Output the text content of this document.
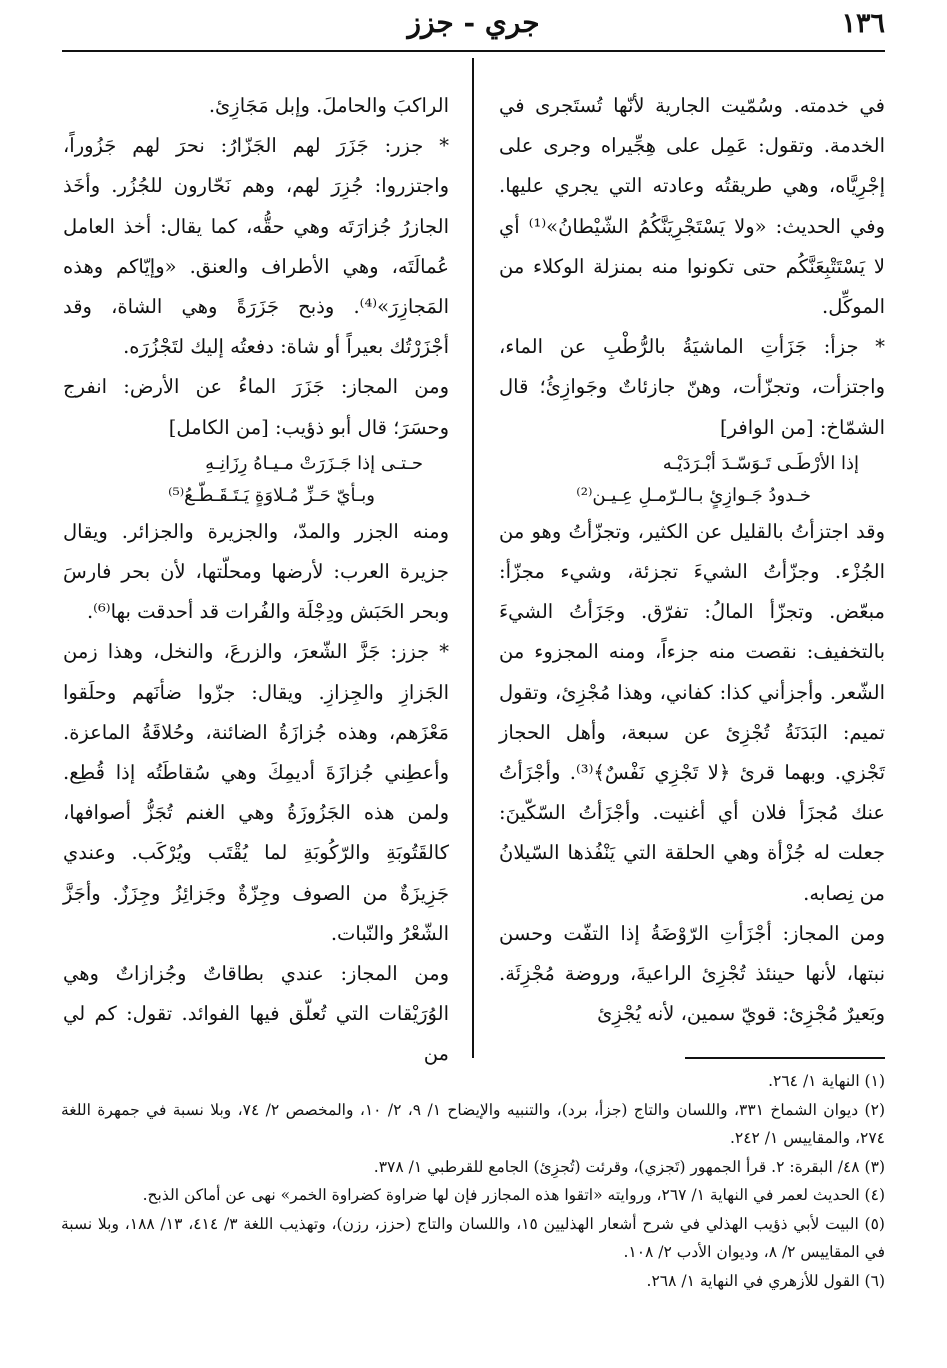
١٣٦
جري - جزز

في خدمته. وسُمّيت الجارية لأنّها تُستَجرى في الخدمة. وتقول: عَمِل على هِجِّيراه وجرى على إجْرِيَّاه، وهي طريقتُه وعادته التي يجري عليها. وفي الحديث: «ولا يَسْتَجْرِيَنَّكُمُ الشّيْطانُ»⁽¹⁾ أي لا يَسْتَتْبِعَنَّكُم حتى تكونوا منه بمنزلة الوكلاء من الموكِّل.

* جزأ: جَزَأتِ الماشيَةُ بالرُّطْبِ عن الماء، واجتزأت، وتجزّأت، وهنّ جازئاتٌ وجَوازِئُ؛ قال الشمّاخ: [من الوافر]

إذا الأرْطَـى تَـوَسّـدَ أبْـرَدَيْـه
خـدودُ جَـوازِئٍ بـالـرّمـلِ عِـيـن⁽²⁾

وقد اجتزأتُ بالقليل عن الكثير، وتجزّأتُ وهو من الجُزْء. وجزّأتُ الشيءَ تجزئة، وشيء مجزّأ: مبعّض. وتجزّأ المالُ: تفرّق. وجَزَأتُ الشيءَ بالتخفيف: نقصت منه جزءاً، ومنه المجزوء من الشّعر. وأجزأني كذا: كفاني، وهذا مُجْزِئ، وتقول تميم: البَدَنَةُ تُجْزِئ عن سبعة، وأهل الحجاز تَجْزي. وبهما قرئ ﴿لا تَجْزِي نَفْسٌ﴾⁽³⁾. وأجْزَأتُ عنك مُجزَأ فلان أي أغنيت. وأجْزَأتُ السّكّينَ: جعلت له جُزْأة وهي الحلقة التي يَنْفُذها السّيلانُ من نِصابه.

ومن المجاز: أجْزَأتِ الرّوْضَةُ إذا التفّت وحسن نبتها، لأنها حينئذ تُجْزِئ الراعيةَ، وروضة مُجْزِئَة. وبَعيرٌ مُجْزِئ: قويّ سمين، لأنه يُجْزِئ

الراكبَ والحاملَ. وإبل مَجَازِئ.

* جزر: جَزَرَ لهم الجَزّارُ: نحرَ لهم جَزُوراً، واجتزروا: جُزِرَ لهم، وهم نَحّارون للجُزُر. وأخَذ الجازرُ جُزارَتَه وهي حقُّه، كما يقال: أخذ العامل عُمالَتَه، وهي الأطراف والعنق. «وإيّاكم وهذه المَجازِرَ»⁽⁴⁾. وذبح جَزَرَةً وهي الشاة، وقد أجْزَرْتُك بعيراً أو شاة: دفعتُه إليك لتَجْزُرَه.

ومن المجاز: جَزَرَ الماءُ عن الأرض: انفرج وحسَرَ؛ قال أبو ذؤيب: [من الكامل]

حـتـى إذا جَـزَرَتْ مـيـاهُ رِزَانِـهِ
وبـأيّ حَـزِّ مُـلاوَةٍ يَـتَـقَـطّـعُ⁽⁵⁾

ومنه الجزر والمدّ، والجزيرة والجزائر. ويقال جزيرة العرب: لأرضها ومحلّتها، لأن بحر فارسَ وبحر الحَبَش ودِجْلَة والفُرات قد أحدقت بها⁽⁶⁾.

* جزز: جَزَّ الشّعرَ، والزرعَ، والنخل، وهذا زمن الجَزازِ والجِزازِ. ويقال: جزّوا ضأنَهم وحلَقوا مَعْزَهم، وهذه جُزازَةُ الضائنة، وحُلاقَةُ الماعزة. وأعطِني جُزازَةَ أديمِكَ وهي سُقاطَتُه إذا قُطِع. ولمن هذه الجَزُوزَةُ وهي الغنم تُجَزُّ أصوافها، كالقَتُوبَةِ والرّكُوبَةِ لما يُقْتَب ويُرْكَب. وعندي جَزِيزَةٌ من الصوف وجِزّةٌ وجَزائِزُ وجِزَزٌ. وأجَزَّ الشّعْرُ والنّبات.

ومن المجاز: عندي بطاقاتٌ وجُزازاتٌ وهي الوُرَيْقات التي تُعلّق فيها الفوائد. تقول: كم لي من

(١) النهاية ١/ ٢٦٤.

(٢) ديوان الشماخ ٣٣١، واللسان والتاج (جزأ، برد)، والتنبيه والإيضاح ١/ ٩، ٢/ ١٠، والمخصص ٢/ ٧٤، وبلا نسبة في جمهرة اللغة ٢٧٤، والمقاييس ١/ ٢٤٢.

(٣) ٤٨/ البقرة: ٢. قرأ الجمهور (تَجزي)، وقرئت (تُجزِئ) الجامع للقرطبي ١/ ٣٧٨.

(٤) الحديث لعمر في النهاية ١/ ٢٦٧، وروايته «اتقوا هذه المجازر فإن لها ضراوة كضراوة الخمر» نهى عن أماكن الذبح.

(٥) البيت لأبي ذؤيب الهذلي في شرح أشعار الهذليين ١٥، واللسان والتاج (حزز، رزن)، وتهذيب اللغة ٣/ ٤١٤، ١٣/ ١٨٨، وبلا نسبة في المقاييس ٢/ ٨، وديوان الأدب ٢/ ١٠٨.

(٦) القول للأزهري في النهاية ١/ ٢٦٨.
